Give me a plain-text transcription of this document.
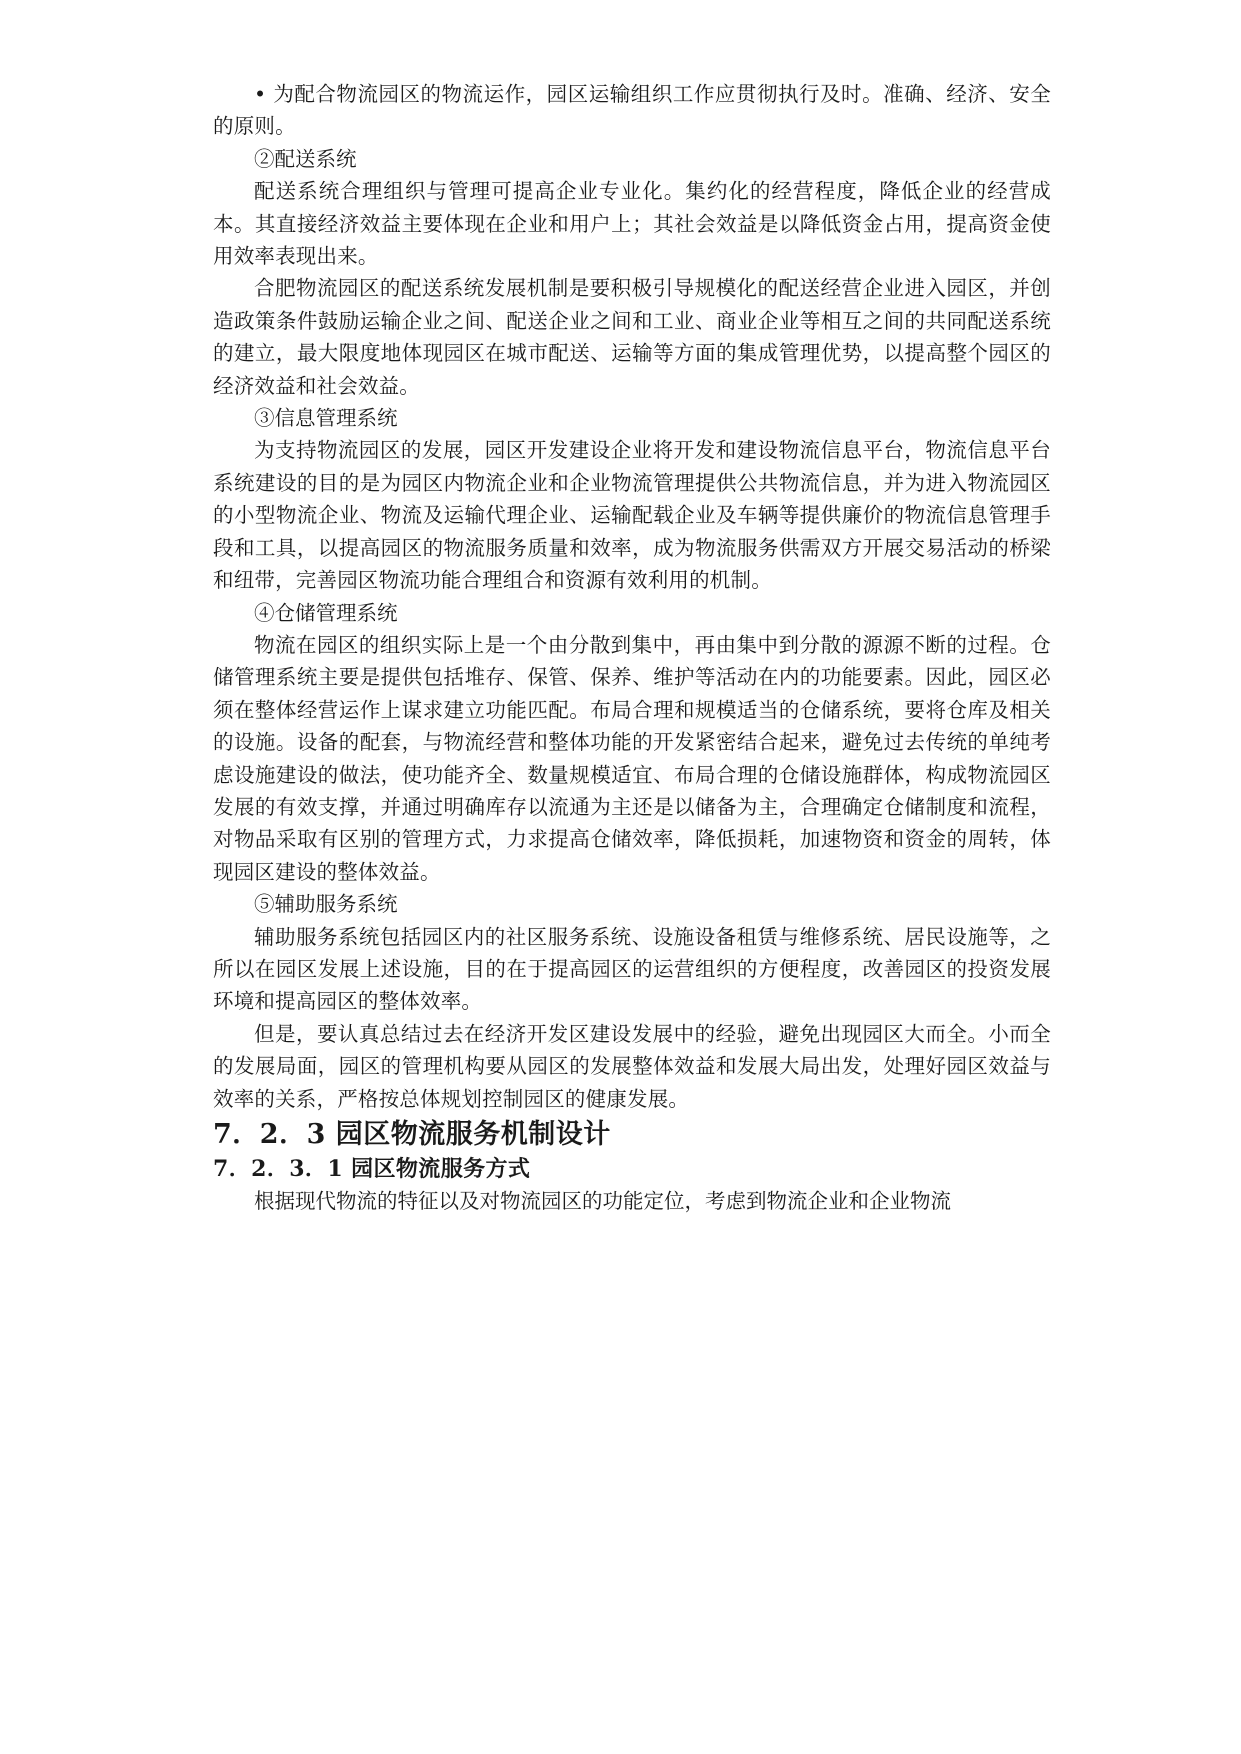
• 为配合物流园区的物流运作，园区运输组织工作应贯彻执行及时。准确、经济、安全的原则。

②配送系统

配送系统合理组织与管理可提高企业专业化。集约化的经营程度，降低企业的经营成本。其直接经济效益主要体现在企业和用户上；其社会效益是以降低资金占用，提高资金使用效率表现出来。

合肥物流园区的配送系统发展机制是要积极引导规模化的配送经营企业进入园区，并创造政策条件鼓励运输企业之间、配送企业之间和工业、商业企业等相互之间的共同配送系统的建立，最大限度地体现园区在城市配送、运输等方面的集成管理优势，以提高整个园区的经济效益和社会效益。

③信息管理系统

为支持物流园区的发展，园区开发建设企业将开发和建设物流信息平台，物流信息平台系统建设的目的是为园区内物流企业和企业物流管理提供公共物流信息，并为进入物流园区的小型物流企业、物流及运输代理企业、运输配载企业及车辆等提供廉价的物流信息管理手段和工具，以提高园区的物流服务质量和效率，成为物流服务供需双方开展交易活动的桥梁和纽带，完善园区物流功能合理组合和资源有效利用的机制。

④仓储管理系统

物流在园区的组织实际上是一个由分散到集中，再由集中到分散的源源不断的过程。仓储管理系统主要是提供包括堆存、保管、保养、维护等活动在内的功能要素。因此，园区必须在整体经营运作上谋求建立功能匹配。布局合理和规模适当的仓储系统，要将仓库及相关的设施。设备的配套，与物流经营和整体功能的开发紧密结合起来，避免过去传统的单纯考虑设施建设的做法，使功能齐全、数量规模适宜、布局合理的仓储设施群体，构成物流园区发展的有效支撑，并通过明确库存以流通为主还是以储备为主，合理确定仓储制度和流程，对物品采取有区别的管理方式，力求提高仓储效率，降低损耗，加速物资和资金的周转，体现园区建设的整体效益。

⑤辅助服务系统

辅助服务系统包括园区内的社区服务系统、设施设备租赁与维修系统、居民设施等，之所以在园区发展上述设施，目的在于提高园区的运营组织的方便程度，改善园区的投资发展环境和提高园区的整体效率。

但是，要认真总结过去在经济开发区建设发展中的经验，避免出现园区大而全。小而全的发展局面，园区的管理机构要从园区的发展整体效益和发展大局出发，处理好园区效益与效率的关系，严格按总体规划控制园区的健康发展。

7．2．3 园区物流服务机制设计
7．2．3．1 园区物流服务方式

根据现代物流的特征以及对物流园区的功能定位，考虑到物流企业和企业物流
